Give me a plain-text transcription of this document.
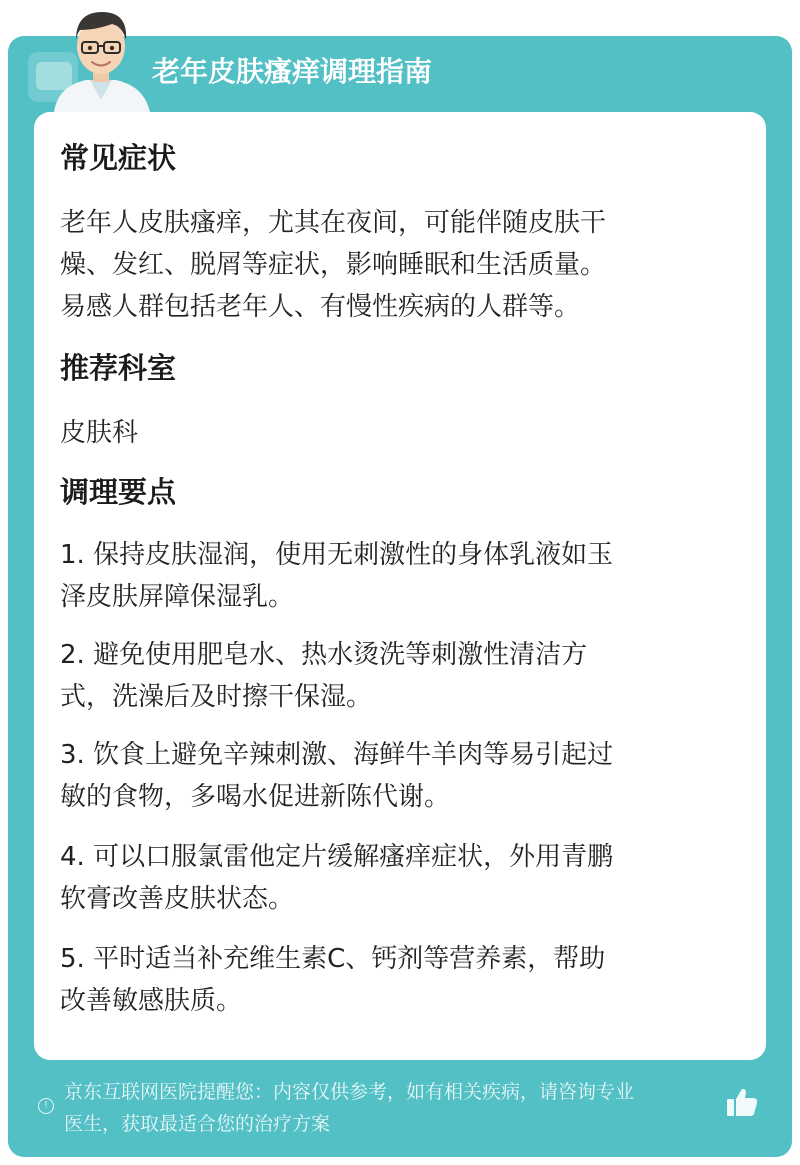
老年皮肤瘙痒调理指南
常见症状
老年人皮肤瘙痒，尤其在夜间，可能伴随皮肤干
燥、发红、脱屑等症状，影响睡眠和生活质量。
易感人群包括老年人、有慢性疾病的人群等。
推荐科室
皮肤科
调理要点
1. 保持皮肤湿润，使用无刺激性的身体乳液如玉
泽皮肤屏障保湿乳。
2. 避免使用肥皂水、热水烫洗等刺激性清洁方
式，洗澡后及时擦干保湿。
3. 饮食上避免辛辣刺激、海鲜牛羊肉等易引起过
敏的食物，多喝水促进新陈代谢。
4. 可以口服氯雷他定片缓解瘙痒症状，外用青鹏
软膏改善皮肤状态。
5. 平时适当补充维生素C、钙剂等营养素，帮助
改善敏感肤质。
!
京东互联网医院提醒您：内容仅供参考，如有相关疾病，请咨询专业
医生，获取最适合您的治疗方案
